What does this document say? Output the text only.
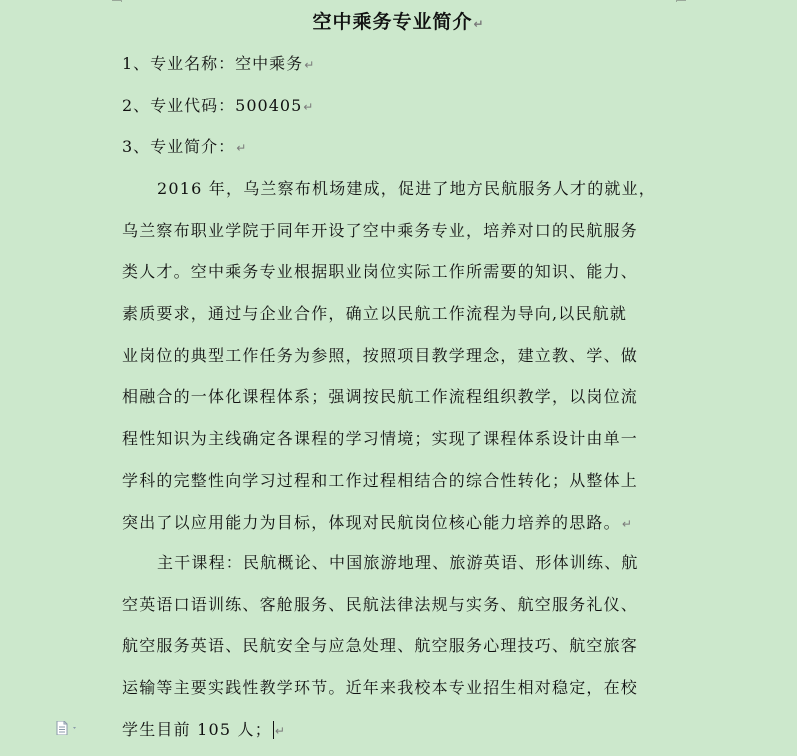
空中乘务专业简介↵
1、专业名称：空中乘务↵
2、专业代码：500405↵
3、专业简介：↵
2016 年，乌兰察布机场建成，促进了地方民航服务人才的就业，
乌兰察布职业学院于同年开设了空中乘务专业，培养对口的民航服务
类人才。空中乘务专业根据职业岗位实际工作所需要的知识、能力、
素质要求，通过与企业合作，确立以民航工作流程为导向,以民航就
业岗位的典型工作任务为参照，按照项目教学理念，建立教、学、做
相融合的一体化课程体系；强调按民航工作流程组织教学，以岗位流
程性知识为主线确定各课程的学习情境；实现了课程体系设计由单一
学科的完整性向学习过程和工作过程相结合的综合性转化；从整体上
突出了以应用能力为目标，体现对民航岗位核心能力培养的思路。↵
主干课程：民航概论、中国旅游地理、旅游英语、形体训练、航
空英语口语训练、客舱服务、民航法律法规与实务、航空服务礼仪、
航空服务英语、民航安全与应急处理、航空服务心理技巧、航空旅客
运输等主要实践性教学环节。近年来我校本专业招生相对稳定，在校
学生目前 105 人； ↵
